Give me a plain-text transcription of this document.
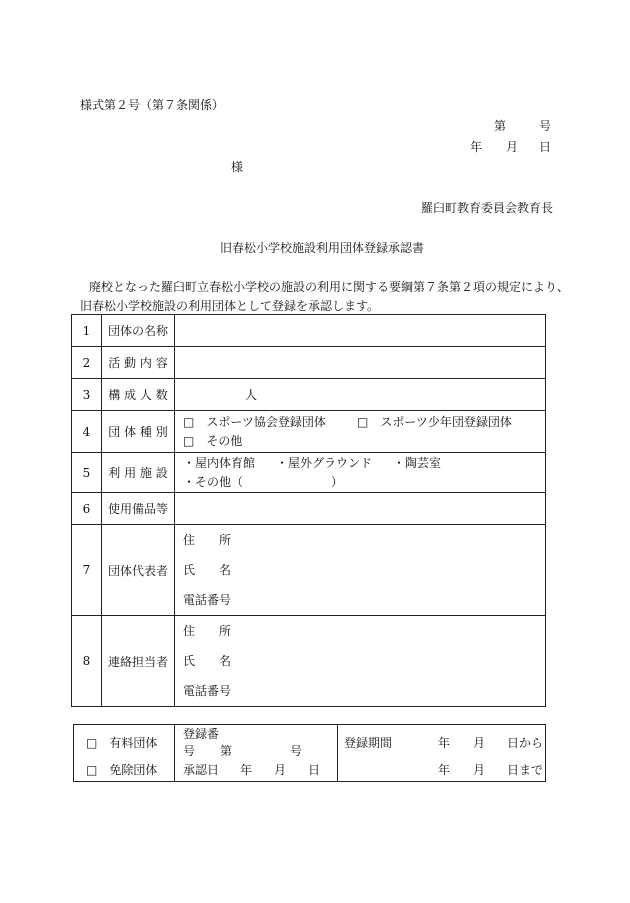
様式第２号（第７条関係）
第	号
年 月 日
様
羅臼町教育委員会教育長
旧春松小学校施設利用団体登録承認書
廃校となった羅臼町立春松小学校の施設の利用に関する要綱第７条第２項の規定により、
旧春松小学校施設の利用団体として登録を承認します。
1	団体の名称	
2	活 動 内 容	
3	構 成 人 数	人
4	団 体 種 別	□　スポーツ協会登録団体 □　スポーツ少年団登録団体
□　その他

5	利 用 施 設	・屋内体育館 ・屋外グラウンド ・陶芸室
・その他（ ）

6	使用備品等	
7	団体代表者	住　　所
氏　　名
電話番号

8	連絡担当者	住　　所
氏　　名
電話番号
□　有料団体	登録番号 第 号		登録期間 年 月 日から
□　免除団体	承認日 年 月 日		年 月 日まで
